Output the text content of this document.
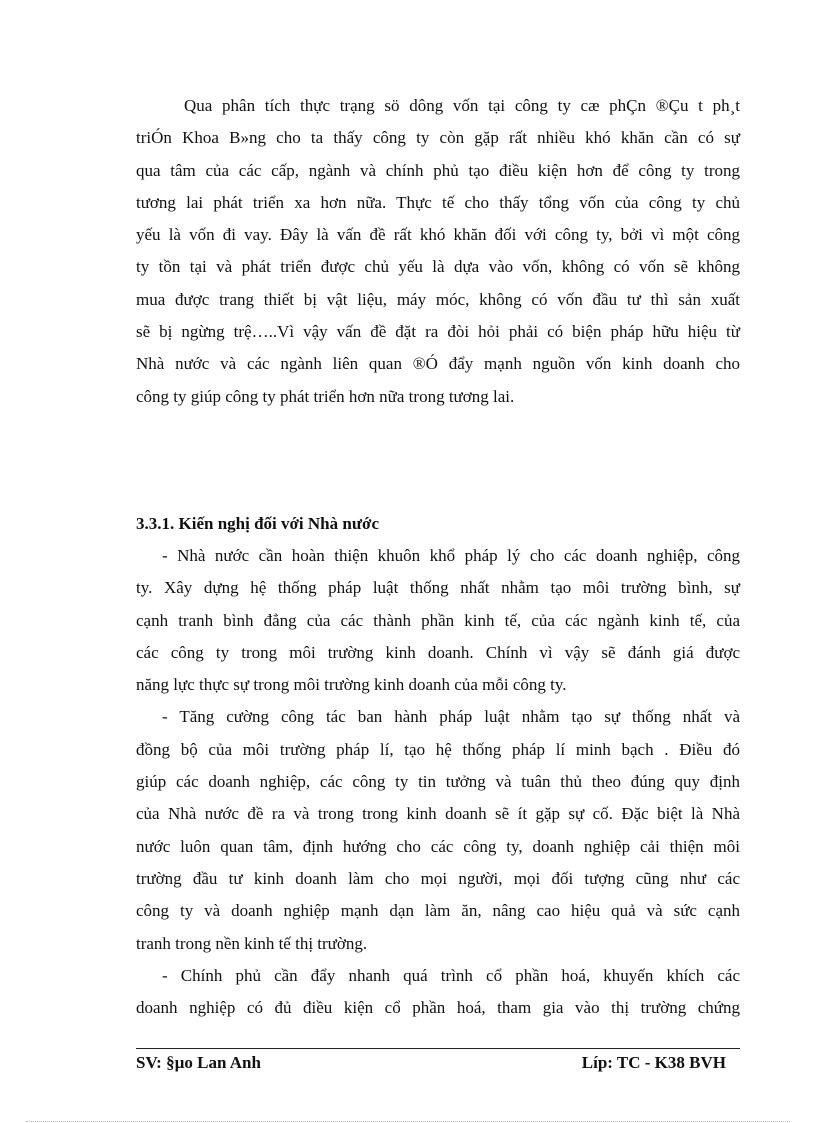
Qua phân tích thực trạng sö dông vốn tại công ty cæ phÇn ®Çu t ph¸t
triÓn Khoa B»ng cho ta thấy công ty còn gặp rất nhiều khó khăn cần có sự
qua tâm của các cấp, ngành và chính phủ tạo điều kiện hơn để công ty trong
tương lai phát triển xa hơn nữa. Thực tế cho thấy tổng vốn của công ty chủ
yếu là vốn đi vay. Đây là vấn đề rất khó khăn đối với công ty, bởi vì một công
ty tồn tại và phát triển được chủ yếu là dựa vào vốn, không có vốn sẽ không
mua được trang thiết bị vật liệu, máy móc, không có vốn đầu tư thì sản xuất
sẽ bị ngừng trệ…..Vì vậy vấn đề đặt ra đòi hỏi phải có biện pháp hữu hiệu từ
Nhà nước và các ngành liên quan ®Ó đẩy mạnh nguồn vốn kinh doanh cho
công ty giúp công ty phát triển hơn nữa trong tương lai.

3.3.1. Kiến nghị đối với Nhà nước

- Nhà nước cần hoàn thiện khuôn khổ pháp lý cho các doanh nghiệp, công
ty. Xây dựng hệ thống pháp luật thống nhất nhằm tạo môi trường bình, sự
cạnh tranh bình đẳng của các thành phần kinh tế, của các ngành kinh tế, của
các công ty trong môi trường kinh doanh. Chính vì vậy sẽ đánh giá được
năng lực thực sự trong môi trường kinh doanh của mỗi công ty.
- Tăng cường công tác ban hành pháp luật nhằm tạo sự thống nhất và
đồng bộ của môi trường pháp lí, tạo hệ thống pháp lí minh bạch . Điều đó
giúp các doanh nghiệp, các công ty tin tưởng và tuân thủ theo đúng quy định
của Nhà nước đề ra và trong trong kinh doanh sẽ ít gặp sự cố. Đặc biệt là Nhà
nước luôn quan tâm, định hướng cho các công ty, doanh nghiệp cải thiện môi
trường đầu tư kinh doanh làm cho mọi người, mọi đối tượng cũng như các
công ty và doanh nghiệp mạnh dạn làm ăn, nâng cao hiệu quả và sức cạnh
tranh trong nền kinh tế thị trường.
- Chính phủ cần đẩy nhanh quá trình cổ phần hoá, khuyến khích các
doanh nghiệp có đủ điều kiện cổ phần hoá, tham gia vào thị trường chứng
SV: §µo Lan Anh	Líp: TC - K38 BVH
